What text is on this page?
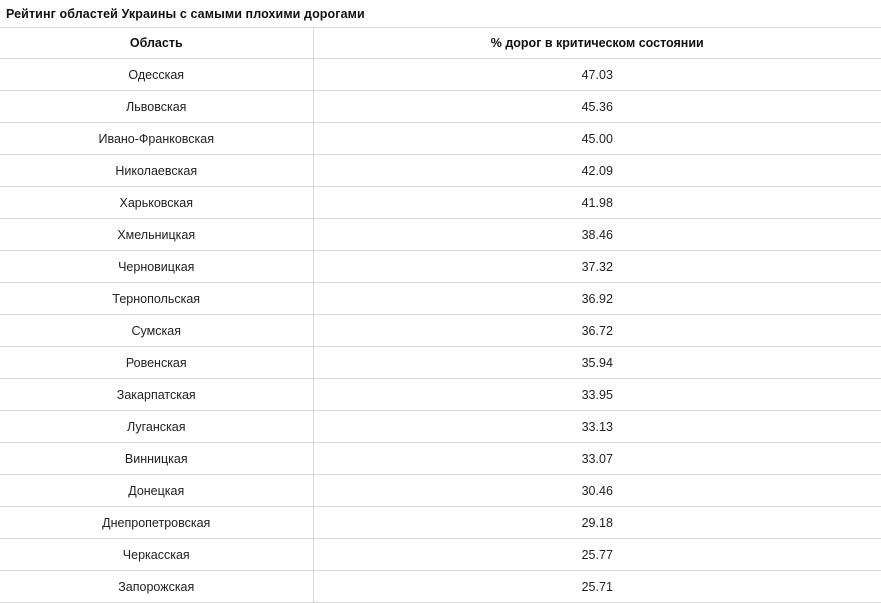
Рейтинг областей Украины с самыми плохими дорогами
Область	% дорог в критическом состоянии
Одесская	47.03
Львовская	45.36
Ивано-Франковская	45.00
Николаевская	42.09
Харьковская	41.98
Хмельницкая	38.46
Черновицкая	37.32
Тернопольская	36.92
Сумская	36.72
Ровенская	35.94
Закарпатская	33.95
Луганская	33.13
Винницкая	33.07
Донецкая	30.46
Днепропетровская	29.18
Черкасская	25.77
Запорожская	25.71
